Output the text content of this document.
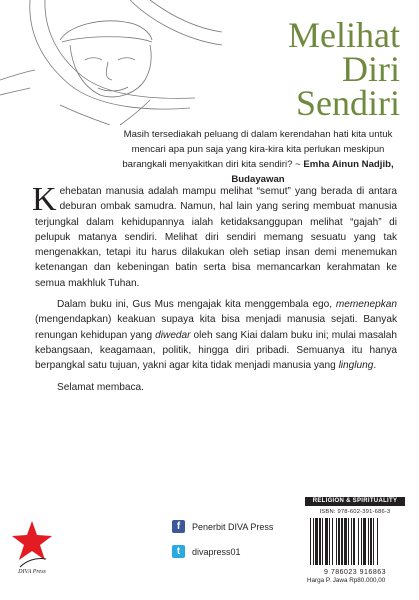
Melihat
Diri
Sendiri
Masih tersediakah peluang di dalam kerendahan hati kita untuk mencari apa pun saja yang kira-kira kita perlukan meskipun barangkali menyakitkan diri kita sendiri? ~ Emha Ainun Nadjib, Budayawan

Kehebatan manusia adalah mampu melihat “semut” yang berada di antara deburan ombak samudra. Namun, hal lain yang sering membuat manusia terjungkal dalam kehidupannya ialah ketidaksanggupan melihat “gajah” di pelupuk matanya sendiri. Melihat diri sendiri memang sesuatu yang tak mengenakkan, tetapi itu harus dilakukan oleh setiap insan demi menemukan ketenangan dan kebeningan batin serta bisa memancarkan kerahmatan ke semua makhluk Tuhan.

Dalam buku ini, Gus Mus mengajak kita menggembala ego, memenepkan (mengendapkan) keakuan supaya kita bisa menjadi manusia sejati. Banyak renungan kehidupan yang diwedar oleh sang Kiai dalam buku ini; mulai masalah kebangsaan, keagamaan, politik, hingga diri pribadi. Semuanya itu hanya berpangkal satu tujuan, yakni agar kita tidak menjadi manusia yang linglung.

Selamat membaca.

DIVA Press
f	Penerbit DIVA Press
t	divapress01
RELIGION & SPIRITUALITY
ISBN: 978-602-391-686-3
9 786023 916863
Harga P. Jawa Rp80.000,00
